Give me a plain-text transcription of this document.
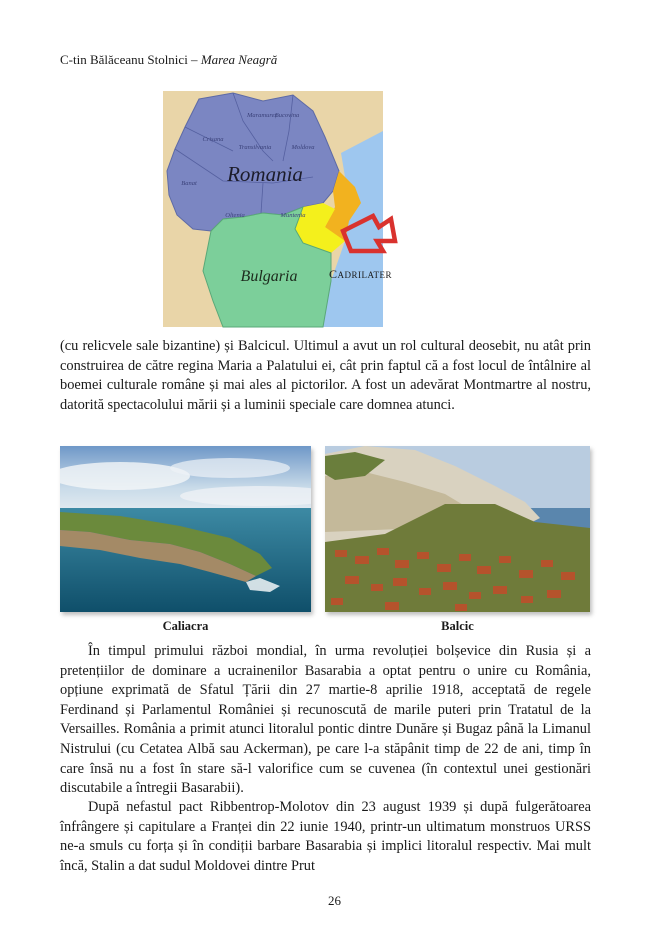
C-tin Bălăceanu Stolnici – Marea Neagră
Maramureș
Bucovina
Crișana
Transilvania	Moldova
Banat
Oltenia	Muntenia
Romania
Bulgaria	CADRILATER

(cu relicvele sale bizantine) și Balcicul. Ultimul a avut un rol cultural deosebit, nu atât prin construirea de către regina Maria a Palatului ei, cât prin faptul că a fost locul de întâlnire al boemei culturale române și mai ales al pictorilor. A fost un adevărat Montmartre al nostru, datorită spectacolului mării și a luminii speciale care domnea atunci.

Caliacra	Balcic

În timpul primului război mondial, în urma revoluției bolșevice din Rusia și a pretențiilor de dominare a ucrainenilor Basarabia a optat pentru o unire cu România, opțiune exprimată de Sfatul Țării din 27 martie-8 aprilie 1918, acceptată de regele Ferdinand și Parlamentul României și recunoscută de marile puteri prin Tratatul de la Versailles. România a primit atunci litoralul pontic dintre Dunăre și Bugaz până la Limanul Nistrului (cu Cetatea Albă sau Ackerman), pe care l-a stăpânit timp de 22 de ani, timp în care însă nu a fost în stare să-l valorifice cum se cuvenea (în contextul unei gestionări discutabile a întregii Basarabii).

După nefastul pact Ribbentrop-Molotov din 23 august 1939 și după fulgerătoarea înfrângere și capitulare a Franței din 22 iunie 1940, printr-un ultimatum monstruos URSS ne-a smuls cu forța și în condiții barbare Basarabia și implici litoralul respectiv. Mai mult încă, Stalin a dat sudul Moldovei dintre Prut

26
